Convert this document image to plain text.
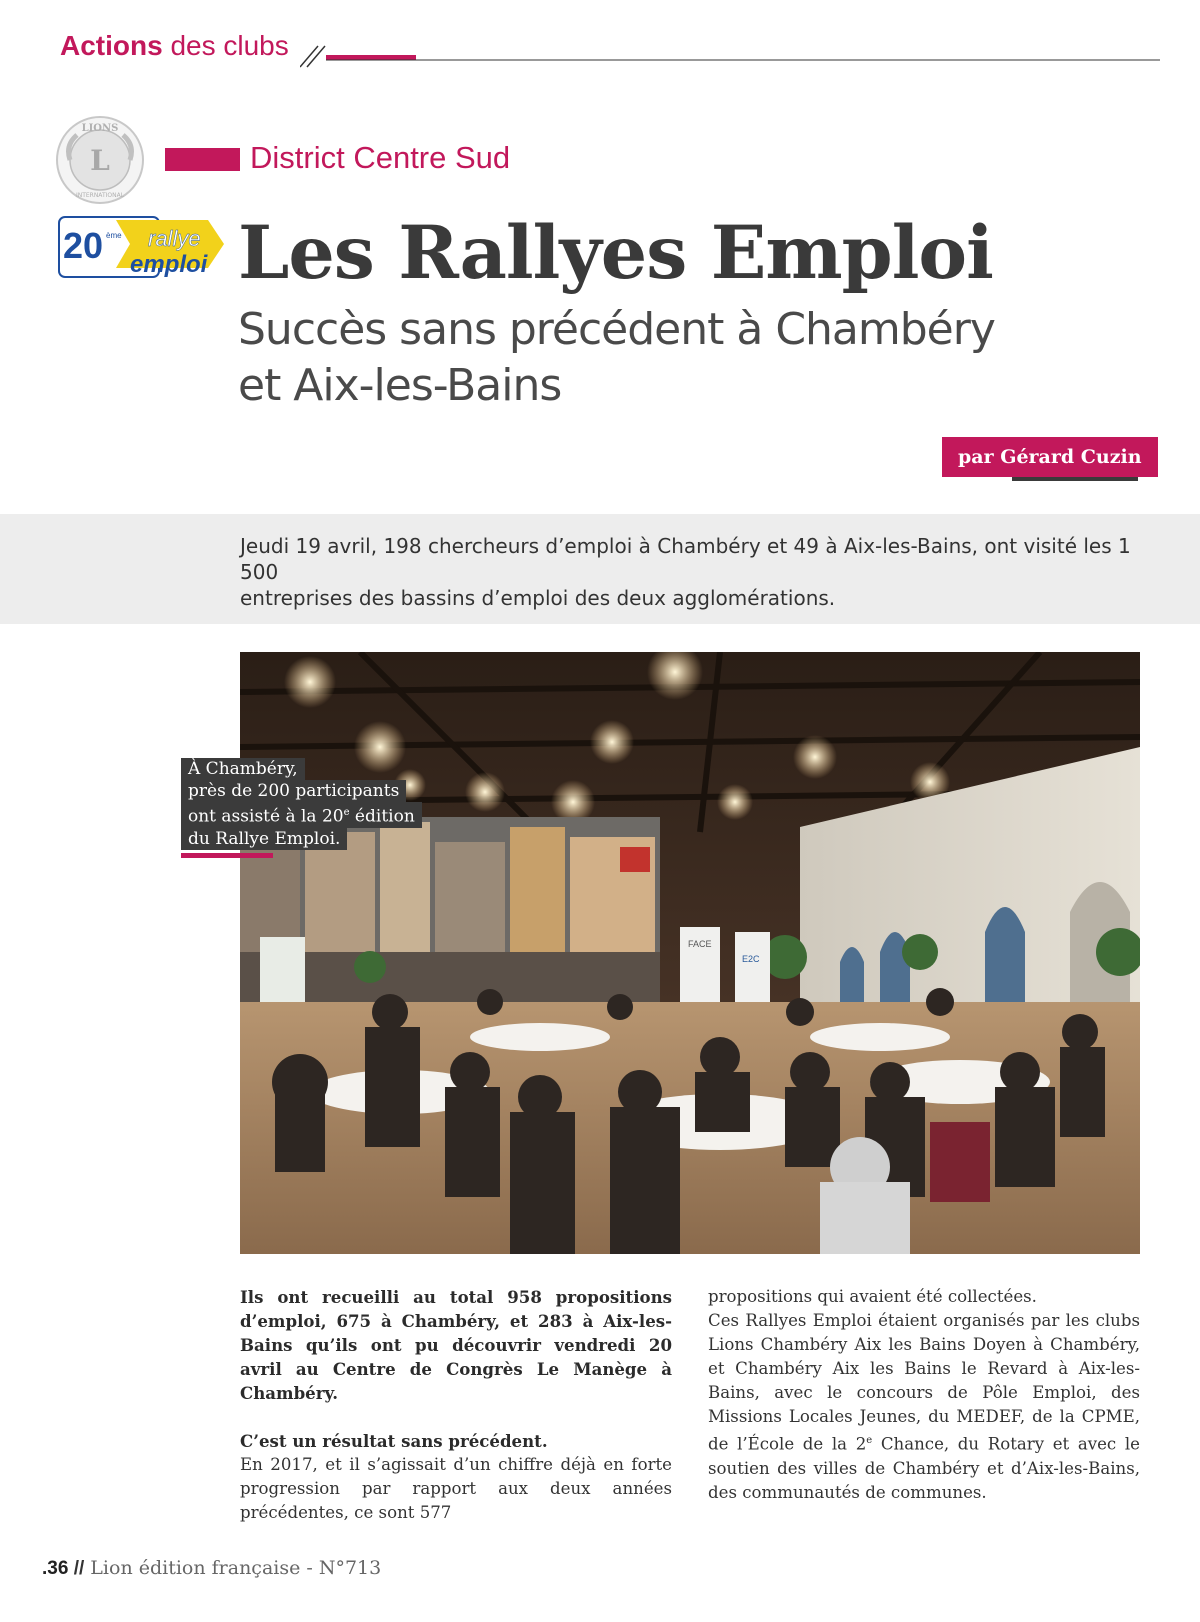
Actions des clubs
LIONS
L
INTERNATIONAL
District Centre Sud
20 ème rallye
emploi Les Rallyes Emploi
Succès sans précédent à Chambéry
et Aix-les-Bains
par Gérard Cuzin
Jeudi 19 avril, 198 chercheurs d’emploi à Chambéry et 49 à Aix-les-Bains, ont visité les 1 500
entreprises des bassins d’emploi des deux agglomérations.
FACE
E2C
À Chambéry,
près de 200 participants
ont assisté à la 20e édition
du Rallye Emploi.
Ils ont recueilli au total 958 propositions d’emploi, 675 à Chambéry, et 283 à Aix-les-Bains qu’ils ont pu découvrir vendredi 20 avril au Centre de Congrès Le Manège à Chambéry.
C’est un résultat sans précédent.

En 2017, et il s’agissait d’un chiffre déjà en forte progression par rapport aux deux années précédentes, ce sont 577

propositions qui avaient été collectées.

Ces Rallyes Emploi étaient organisés par les clubs Lions Chambéry Aix les Bains Doyen à Chambéry, et Chambéry Aix les Bains le Revard à Aix-les-Bains, avec le concours de Pôle Emploi, des Missions Locales Jeunes, du MEDEF, de la CPME, de l’École de la 2e Chance, du Rotary et avec le soutien des villes de Chambéry et d’Aix-les-Bains, des communautés de communes.

.36 // Lion édition française - N°713
